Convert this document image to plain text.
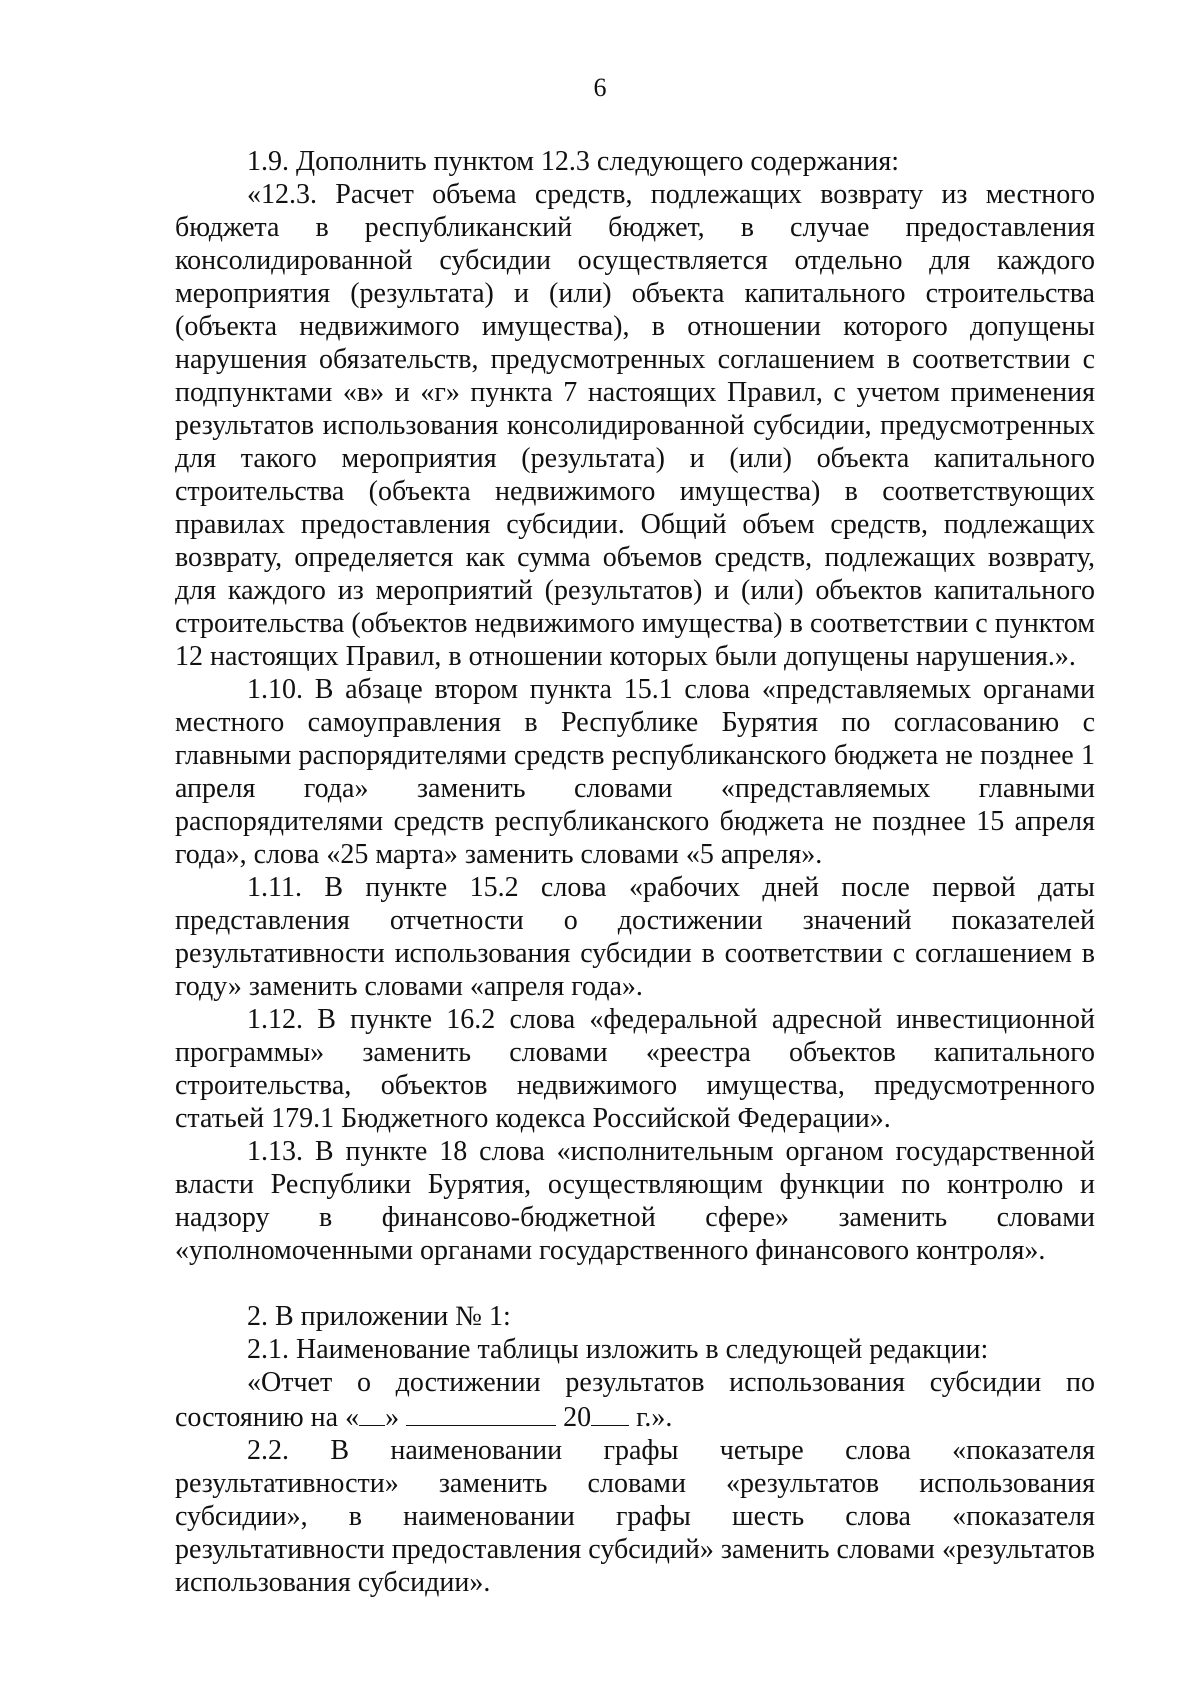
6

1.9. Дополнить пунктом 12.3 следующего содержания:

«12.3. Расчет объема средств, подлежащих возврату из местного бюджета в республиканский бюджет, в случае предоставления консолидированной субсидии осуществляется отдельно для каждого мероприятия (результата) и (или) объекта капитального строительства (объекта недвижимого имущества), в отношении которого допущены нарушения обязательств, предусмотренных соглашением в соответствии с подпунктами «в» и «г» пункта 7 настоящих Правил, с учетом применения результатов использования консолидированной субсидии, предусмотренных для такого мероприятия (результата) и (или) объекта капитального строительства (объекта недвижимого имущества) в соответствующих правилах предоставления субсидии. Общий объем средств, подлежащих возврату, определяется как сумма объемов средств, подлежащих возврату, для каждого из мероприятий (результатов) и (или) объектов капитального строительства (объектов недвижимого имущества) в соответствии с пунктом 12 настоящих Правил, в отношении которых были допущены нарушения.».

1.10. В абзаце втором пункта 15.1 слова «представляемых органами местного самоуправления в Республике Бурятия по согласованию с главными распорядителями средств республиканского бюджета не позднее 1 апреля года» заменить словами «представляемых главными распорядителями средств республиканского бюджета не позднее 15 апреля года», слова «25 марта» заменить словами «5 апреля».

1.11. В пункте 15.2 слова «рабочих дней после первой даты представления отчетности о достижении значений показателей результативности использования субсидии в соответствии с соглашением в году» заменить словами «апреля года».

1.12. В пункте 16.2 слова «федеральной адресной инвестиционной программы» заменить словами «реестра объектов капитального строительства, объектов недвижимого имущества, предусмотренного статьей 179.1 Бюджетного кодекса Российской Федерации».

1.13. В пункте 18 слова «исполнительным органом государственной власти Республики Бурятия, осуществляющим функции по контролю и надзору в финансово-бюджетной сфере» заменить словами «уполномоченными органами государственного финансового контроля».

2. В приложении № 1:

2.1. Наименование таблицы изложить в следующей редакции:

«Отчет о достижении результатов использования субсидии по состоянию на « »	20 г.».

2.2. В наименовании графы четыре слова «показателя результативности» заменить словами «результатов использования субсидии», в наименовании графы шесть слова «показателя результативности предоставления субсидий» заменить словами «результатов использования субсидии».
